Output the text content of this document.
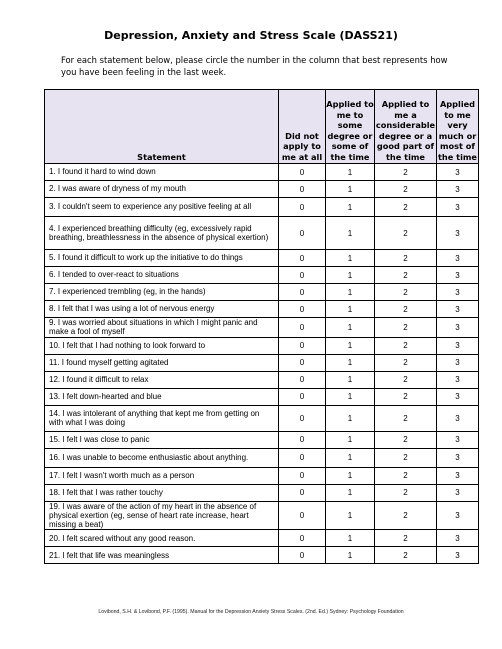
Depression, Anxiety and Stress Scale (DASS21)
For each statement below, please circle the number in the column that best represents how you have been feeling in the last week.
Statement	Did not apply to me at all	Applied to me to some degree or some of the time	Applied to me a considerable degree or a good part of the time	Applied to me very much or most of the time
1. I found it hard to wind down	0	1	2	3
2. I was aware of dryness of my mouth	0	1	2	3
3. I couldn't seem to experience any positive feeling at all	0	1	2	3
4. I experienced breathing difficulty (eg, excessively rapid breathing, breathlessness in the absence of physical exertion)	0	1	2	3
5. I found it difficult to work up the initiative to do things	0	1	2	3
6. I tended to over-react to situations	0	1	2	3
7. I experienced trembling (eg, in the hands)	0	1	2	3
8. I felt that I was using a lot of nervous energy	0	1	2	3
9. I was worried about situations in which I might panic and make a fool of myself	0	1	2	3
10. I felt that I had nothing to look forward to	0	1	2	3
11. I found myself getting agitated	0	1	2	3
12. I found it difficult to relax	0	1	2	3
13. I felt down-hearted and blue	0	1	2	3
14. I was intolerant of anything that kept me from getting on with what I was doing	0	1	2	3
15. I felt I was close to panic	0	1	2	3
16. I was unable to become enthusiastic about anything.	0	1	2	3
17. I felt I wasn't worth much as a person	0	1	2	3
18. I felt that I was rather touchy	0	1	2	3
19. I was aware of the action of my heart in the absence of physical exertion (eg, sense of heart rate increase, heart missing a beat)	0	1	2	3
20. I felt scared without any good reason.	0	1	2	3
21. I felt that life was meaningless	0	1	2	3
Lovibond, S.H. & Lovibond, P.F. (1995). Manual for the Depression Anxiety Stress Scales. (2nd. Ed.) Sydney: Psychology Foundation
